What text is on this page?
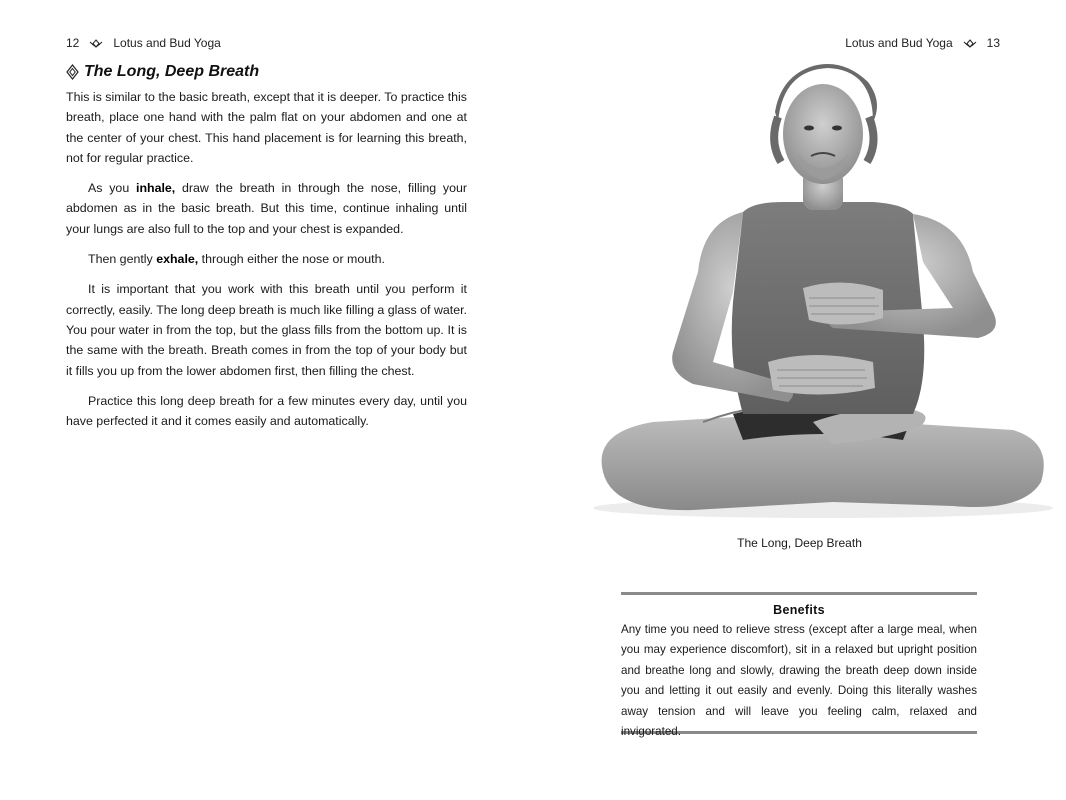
12	Lotus and Bud Yoga
The Long, Deep Breath

This is similar to the basic breath, except that it is deeper. To practice this breath, place one hand with the palm flat on your abdomen and one at the center of your chest. This hand placement is for learning this breath, not for regular practice.

As you inhale, draw the breath in through the nose, filling your abdomen as in the basic breath. But this time, continue inhaling until your lungs are also full to the top and your chest is expanded.

Then gently exhale, through either the nose or mouth.

It is important that you work with this breath until you perform it correctly, easily. The long deep breath is much like filling a glass of water. You pour water in from the top, but the glass fills from the bottom up. It is the same with the breath. Breath comes in from the top of your body but it fills you up from the lower abdomen first, then filling the chest.

Practice this long deep breath for a few minutes every day, until you have perfected it and it comes easily and automatically.

Lotus and Bud Yoga	13
The Long, Deep Breath

Benefits

Any time you need to relieve stress (except after a large meal, when you may experience discomfort), sit in a relaxed but upright position and breathe long and slowly, drawing the breath deep down inside you and letting it out easily and evenly. Doing this literally washes away tension and will leave you feeling calm, relaxed and invigorated.
